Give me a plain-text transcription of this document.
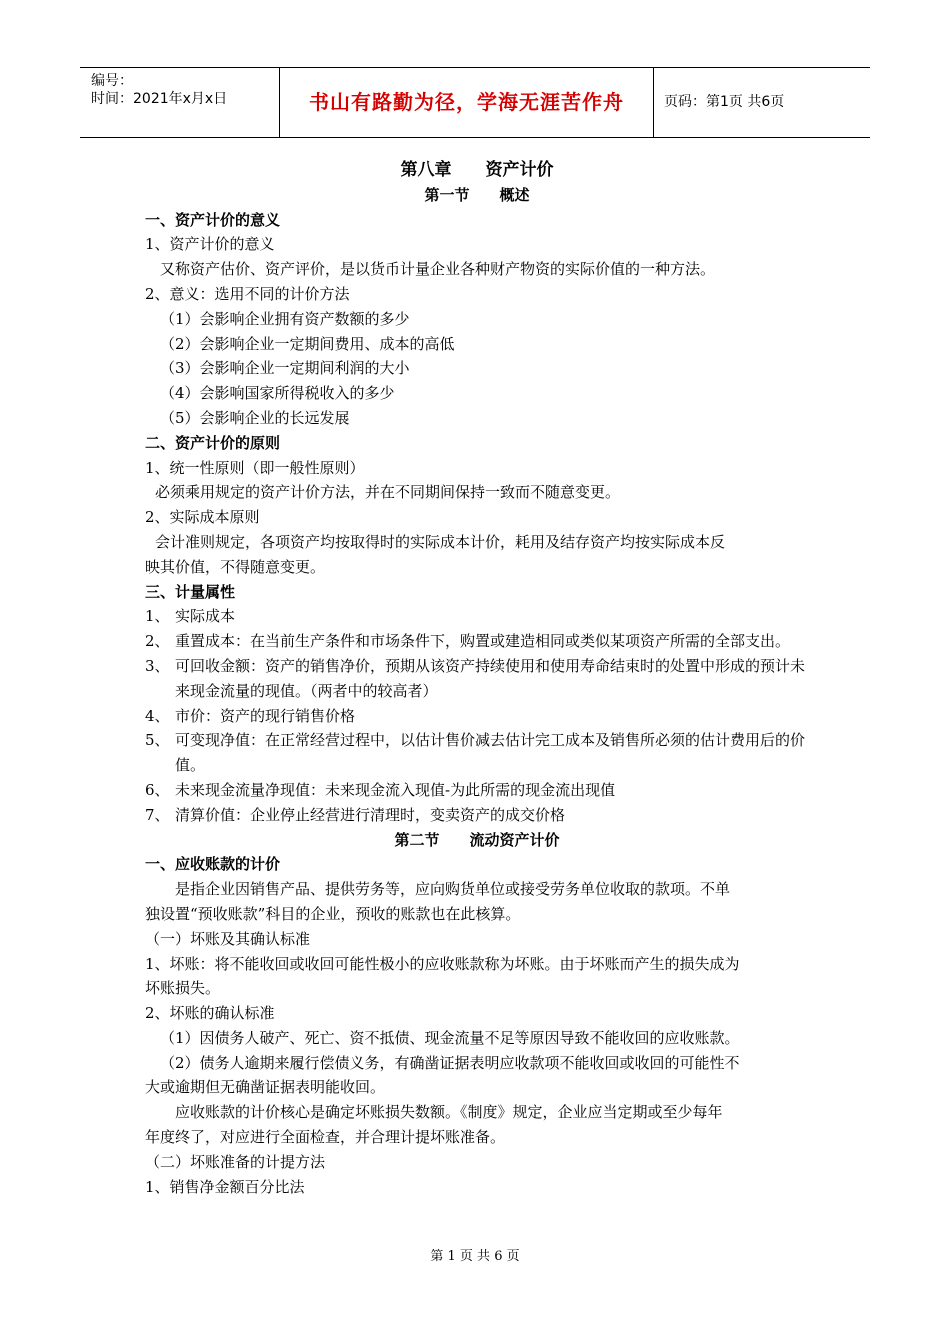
编号：
时间：2021年x月x日	书山有路勤为径，学海无涯苦作舟	页码：第1页 共6页

第八章　　资产计价

第一节　　概述

一、资产计价的意义

1、资产计价的意义

又称资产估价、资产评价，是以货币计量企业各种财产物资的实际价值的一种方法。

2、意义：选用不同的计价方法

（1）会影响企业拥有资产数额的多少

（2）会影响企业一定期间费用、成本的高低

（3）会影响企业一定期间利润的大小

（4）会影响国家所得税收入的多少

（5）会影响企业的长远发展

二、资产计价的原则

1、统一性原则（即一般性原则）

必须乘用规定的资产计价方法，并在不同期间保持一致而不随意变更。

2、实际成本原则

会计准则规定，各项资产均按取得时的实际成本计价，耗用及结存资产均按实际成本反

映其价值，不得随意变更。

三、计量属性

1、 实际成本

2、 重置成本：在当前生产条件和市场条件下，购置或建造相同或类似某项资产所需的全部支出。

3、 可回收金额：资产的销售净价，预期从该资产持续使用和使用寿命结束时的处置中形成的预计未来现金流量的现值。（两者中的较高者）

4、 市价：资产的现行销售价格

5、 可变现净值：在正常经营过程中，以估计售价减去估计完工成本及销售所必须的估计费用后的价值。

6、 未来现金流量净现值：未来现金流入现值-为此所需的现金流出现值

7、 清算价值：企业停止经营进行清理时，变卖资产的成交价格

第二节　　流动资产计价

一、应收账款的计价

是指企业因销售产品、提供劳务等，应向购货单位或接受劳务单位收取的款项。不单

独设置“预收账款”科目的企业，预收的账款也在此核算。

（一）坏账及其确认标准

1、坏账：将不能收回或收回可能性极小的应收账款称为坏账。由于坏账而产生的损失成为

坏账损失。

2、坏账的确认标准

（1）因债务人破产、死亡、资不抵债、现金流量不足等原因导致不能收回的应收账款。

（2）债务人逾期来履行偿债义务，有确凿证据表明应收款项不能收回或收回的可能性不

大或逾期但无确凿证据表明能收回。

应收账款的计价核心是确定坏账损失数额。《制度》规定，企业应当定期或至少每年

年度终了，对应进行全面检查，并合理计提坏账准备。

（二）坏账准备的计提方法

1、销售净金额百分比法

第 1 页 共 6 页
